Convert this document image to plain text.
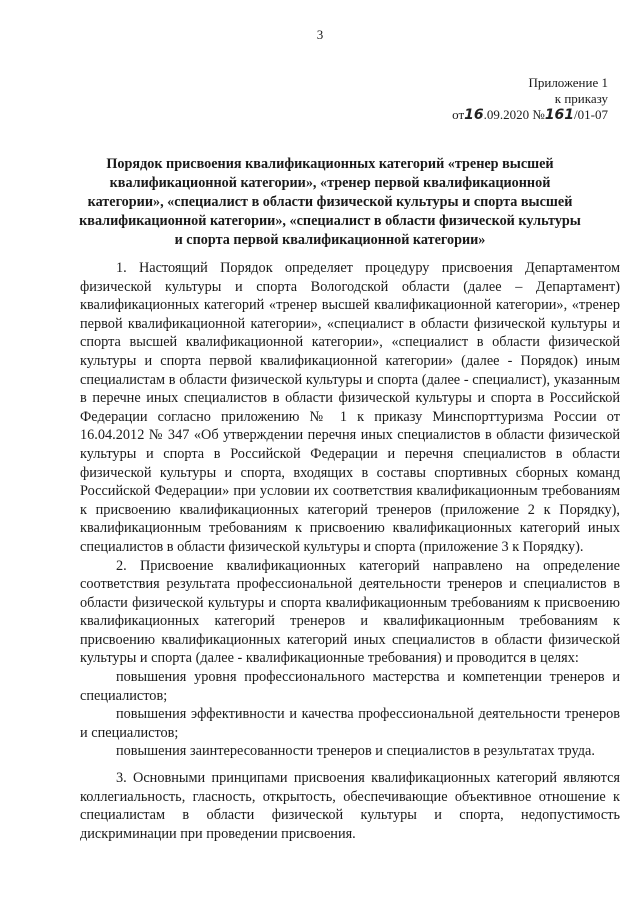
3
Приложение 1
к приказу
от16.09.2020 №161/01-07
Порядок присвоения квалификационных категорий «тренер высшей
квалификационной категории», «тренер первой квалификационной
категории», «специалист в области физической культуры и спорта высшей
квалификационной категории», «специалист в области физической культуры
и спорта первой квалификационной категории»

1. Настоящий Порядок определяет процедуру присвоения Департаментом физической культуры и спорта Вологодской области (далее – Департамент) квалификационных категорий «тренер высшей квалификационной категории», «тренер первой квалификационной категории», «специалист в области физической культуры и спорта высшей квалификационной категории», «специалист в области физической культуры и спорта первой квалификационной категории» (далее - Порядок) иным специалистам в области физической культуры и спорта (далее - специалист), указанным в перечне иных специалистов в области физической культуры и спорта в Российской Федерации согласно приложению № 1 к приказу Минспорттуризма России от 16.04.2012 № 347 «Об утверждении перечня иных специалистов в области физической культуры и спорта в Российской Федерации и перечня специалистов в области физической культуры и спорта, входящих в составы спортивных сборных команд Российской Федерации» при условии их соответствия квалификационным требованиям к присвоению квалификационных категорий тренеров (приложение 2 к Порядку), квалификационным требованиям к присвоению квалификационных категорий иных специалистов в области физической культуры и спорта (приложение 3 к Порядку).

2. Присвоение квалификационных категорий направлено на определение соответствия результата профессиональной деятельности тренеров и специалистов в области физической культуры и спорта квалификационным требованиям к присвоению квалификационных категорий тренеров и квалификационным требованиям к присвоению квалификационных категорий иных специалистов в области физической культуры и спорта (далее - квалификационные требования) и проводится в целях:

повышения уровня профессионального мастерства и компетенции тренеров и специалистов;

повышения эффективности и качества профессиональной деятельности тренеров и специалистов;

повышения заинтересованности тренеров и специалистов в результатах труда.

3. Основными принципами присвоения квалификационных категорий являются коллегиальность, гласность, открытость, обеспечивающие объективное отношение к специалистам в области физической культуры и спорта, недопустимость дискриминации при проведении присвоения.
